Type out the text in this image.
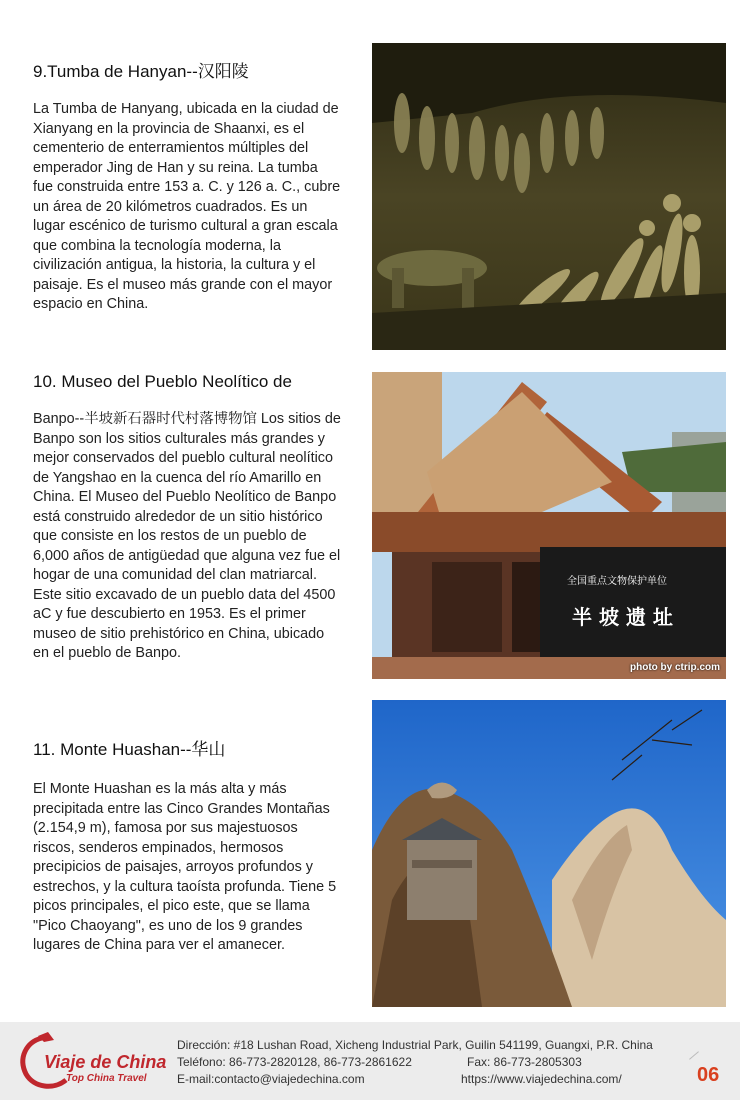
9.Tumba de Hanyan--汉阳陵
La Tumba de Hanyang, ubicada en la ciudad de Xianyang en la provincia de Shaanxi, es el cementerio de enterramientos múltiples del emperador Jing de Han y su reina. La tumba fue construida entre 153 a. C. y 126 a. C., cubre un área de 20 kilómetros cuadrados. Es un lugar escénico de turismo cultural a gran escala que combina la tecnología moderna, la civilización antigua, la historia, la cultura y el paisaje. Es el museo más grande con el mayor espacio en China.
10. Museo del Pueblo Neolítico de
Banpo--半坡新石器时代村落博物馆 Los sitios de Banpo son los sitios culturales más grandes y mejor conservados del pueblo cultural neolítico de Yangshao en la cuenca del río Amarillo en China. El Museo del Pueblo Neolítico de Banpo está construido alrededor de un sitio histórico que consiste en los restos de un pueblo de 6,000 años de antigüedad que alguna vez fue el hogar de una comunidad del clan matriarcal. Este sitio excavado de un pueblo data del 4500 aC y fue descubierto en 1953. Es el primer museo de sitio prehistórico en China, ubicado en el pueblo de Banpo.
全国重点文物保护单位
半 坡 遗 址
photo by ctrip.com
11. Monte Huashan--华山
El Monte Huashan es la más alta y más precipitada entre las Cinco Grandes Montañas (2.154,9 m), famosa por sus majestuosos riscos, senderos empinados, hermosos precipicios de paisajes, arroyos profundos y estrechos, y la cultura taoísta profunda. Tiene 5 picos principales, el pico este, que se llama "Pico Chaoyang", es uno de los 9 grandes lugares de China para ver el amanecer.
Viaje de China
Top China Travel
Dirección: #18 Lushan Road, Xicheng Industrial Park, Guilin 541199, Guangxi, P.R. China
Teléfono: 86-773-2820128, 86-773-2861622	Fax: 86-773-2805303
E-mail:contacto@viajedechina.com	https://www.viajedechina.com/	06
